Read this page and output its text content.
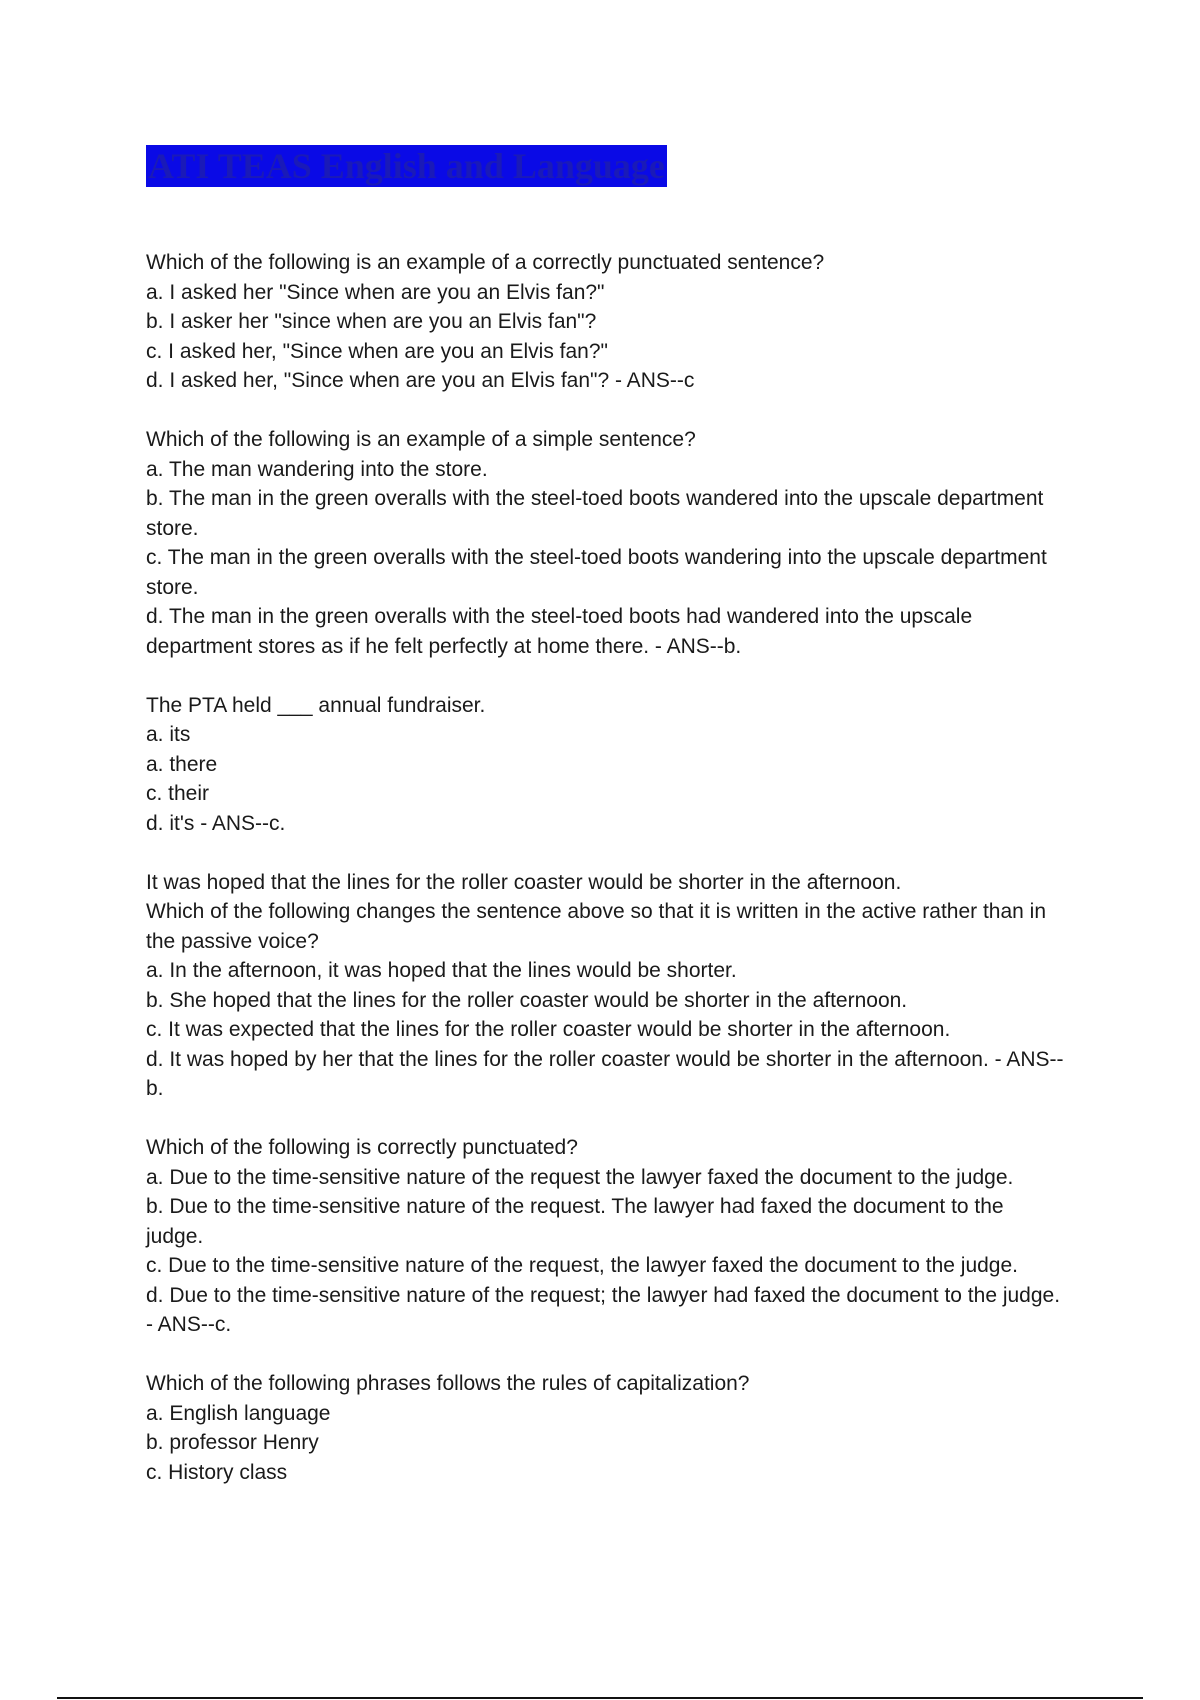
ATI TEAS English and Language
Which of the following is an example of a correctly punctuated sentence?
a. I asked her "Since when are you an Elvis fan?"
b. I asker her "since when are you an Elvis fan"?
c. I asked her, "Since when are you an Elvis fan?"
d. I asked her, "Since when are you an Elvis fan"? - ANS--c
Which of the following is an example of a simple sentence?
a. The man wandering into the store.
b. The man in the green overalls with the steel-toed boots wandered into the upscale department store.
c. The man in the green overalls with the steel-toed boots wandering into the upscale department store.
d. The man in the green overalls with the steel-toed boots had wandered into the upscale department stores as if he felt perfectly at home there. - ANS--b.
The PTA held ___ annual fundraiser.
a. its
a. there
c. their
d. it's - ANS--c.
It was hoped that the lines for the roller coaster would be shorter in the afternoon.
Which of the following changes the sentence above so that it is written in the active rather than in the passive voice?
a. In the afternoon, it was hoped that the lines would be shorter.
b. She hoped that the lines for the roller coaster would be shorter in the afternoon.
c. It was expected that the lines for the roller coaster would be shorter in the afternoon.
d. It was hoped by her that the lines for the roller coaster would be shorter in the afternoon. - ANS--b.
Which of the following is correctly punctuated?
a. Due to the time-sensitive nature of the request the lawyer faxed the document to the judge.
b. Due to the time-sensitive nature of the request. The lawyer had faxed the document to the judge.
c. Due to the time-sensitive nature of the request, the lawyer faxed the document to the judge.
d. Due to the time-sensitive nature of the request; the lawyer had faxed the document to the judge. - ANS--c.
Which of the following phrases follows the rules of capitalization?
a. English language
b. professor Henry
c. History class
